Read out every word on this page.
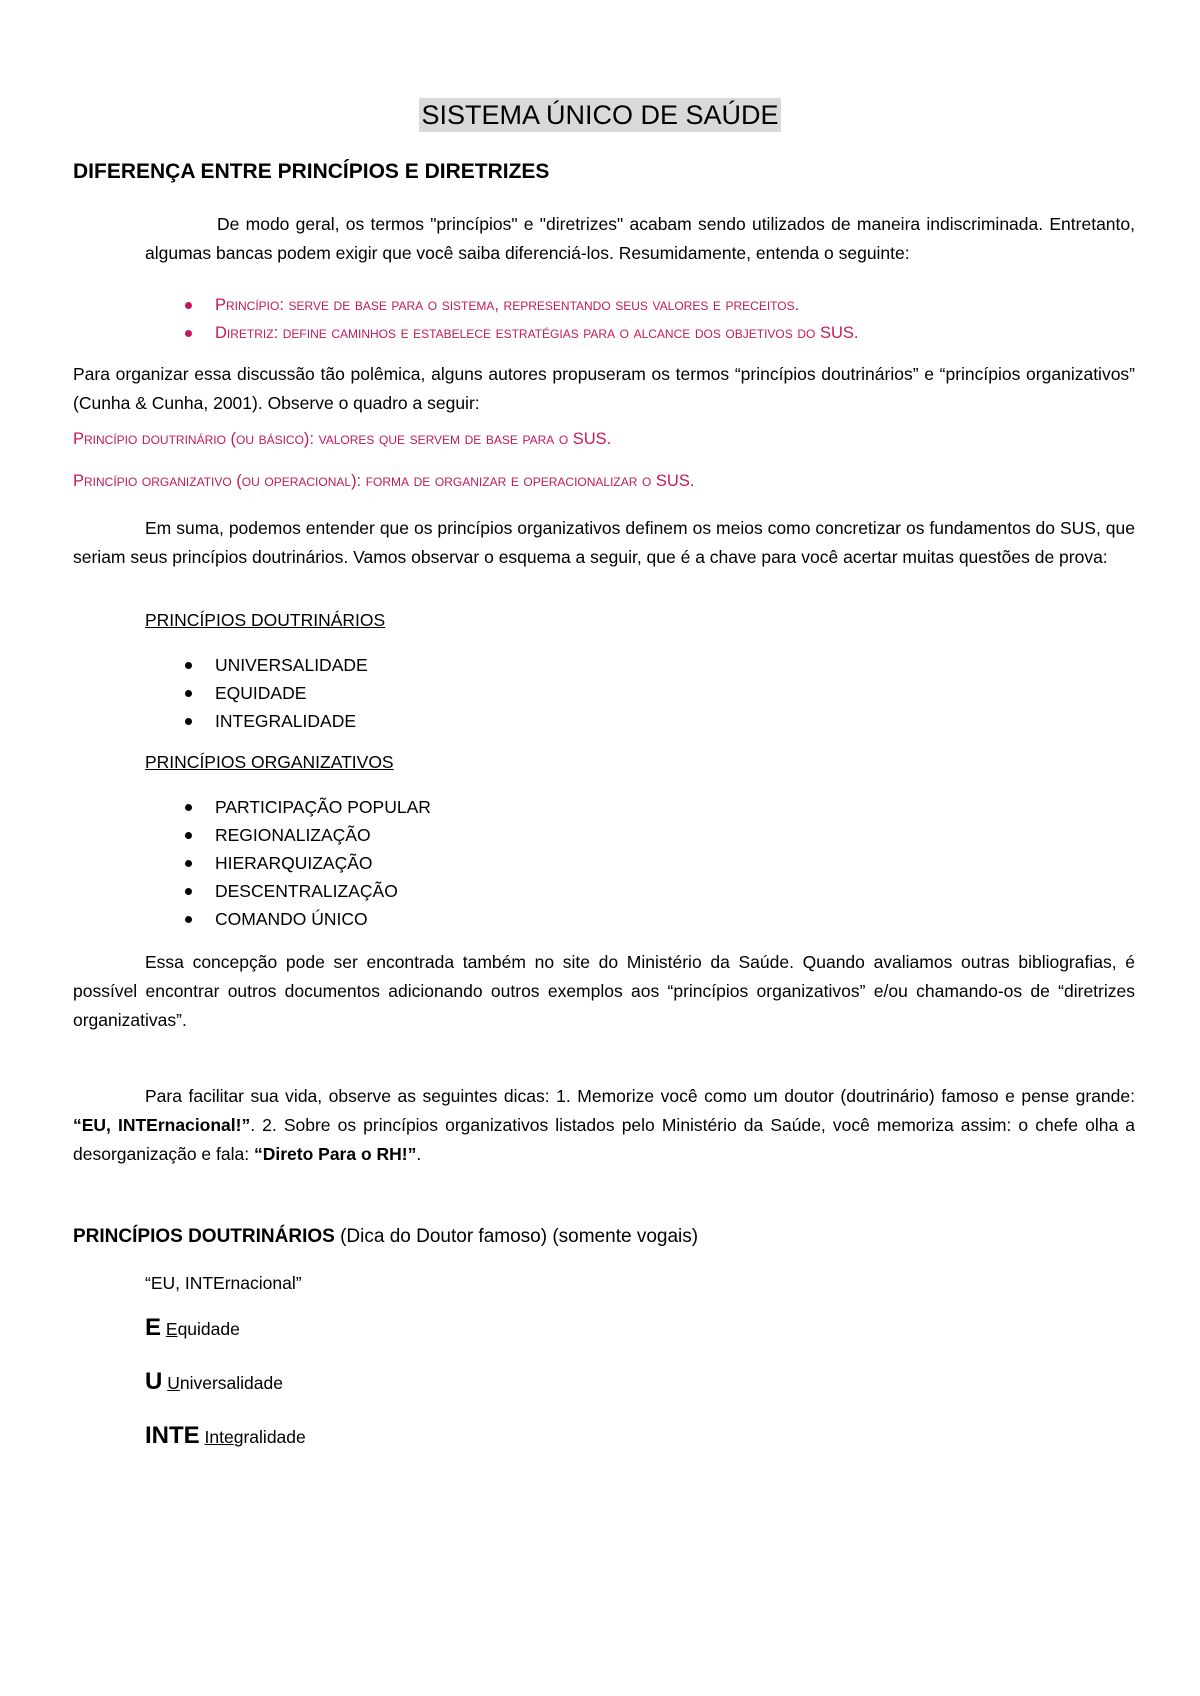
SISTEMA ÚNICO DE SAÚDE
DIFERENÇA ENTRE PRINCÍPIOS E DIRETRIZES
De modo geral, os termos "princípios" e "diretrizes" acabam sendo utilizados de maneira indiscriminada. Entretanto, algumas bancas podem exigir que você saiba diferenciá-los. Resumidamente, entenda o seguinte:
Princípio: serve de base para o sistema, representando seus valores e preceitos.
Diretriz: define caminhos e estabelece estratégias para o alcance dos objetivos do SUS.
Para organizar essa discussão tão polêmica, alguns autores propuseram os termos “princípios doutrinários” e “princípios organizativos” (Cunha & Cunha, 2001). Observe o quadro a seguir:
Princípio doutrinário (ou básico): valores que servem de base para o SUS.
Princípio organizativo (ou operacional): forma de organizar e operacionalizar o SUS.
Em suma, podemos entender que os princípios organizativos definem os meios como concretizar os fundamentos do SUS, que seriam seus princípios doutrinários. Vamos observar o esquema a seguir, que é a chave para você acertar muitas questões de prova:
PRINCÍPIOS DOUTRINÁRIOS
UNIVERSALIDADE
EQUIDADE
INTEGRALIDADE
PRINCÍPIOS ORGANIZATIVOS
PARTICIPAÇÃO POPULAR
REGIONALIZAÇÃO
HIERARQUIZAÇÃO
DESCENTRALIZAÇÃO
COMANDO ÚNICO
Essa concepção pode ser encontrada também no site do Ministério da Saúde. Quando avaliamos outras bibliografias, é possível encontrar outros documentos adicionando outros exemplos aos “princípios organizativos” e/ou chamando-os de “diretrizes organizativas”.
Para facilitar sua vida, observe as seguintes dicas: 1. Memorize você como um doutor (doutrinário) famoso e pense grande: “EU, INTErnacional!”. 2. Sobre os princípios organizativos listados pelo Ministério da Saúde, você memoriza assim: o chefe olha a desorganização e fala: “Direto Para o RH!”.
PRINCÍPIOS DOUTRINÁRIOS (Dica do Doutor famoso) (somente vogais)
“EU, INTErnacional”
E Equidade
U Universalidade
INTE Integralidade
